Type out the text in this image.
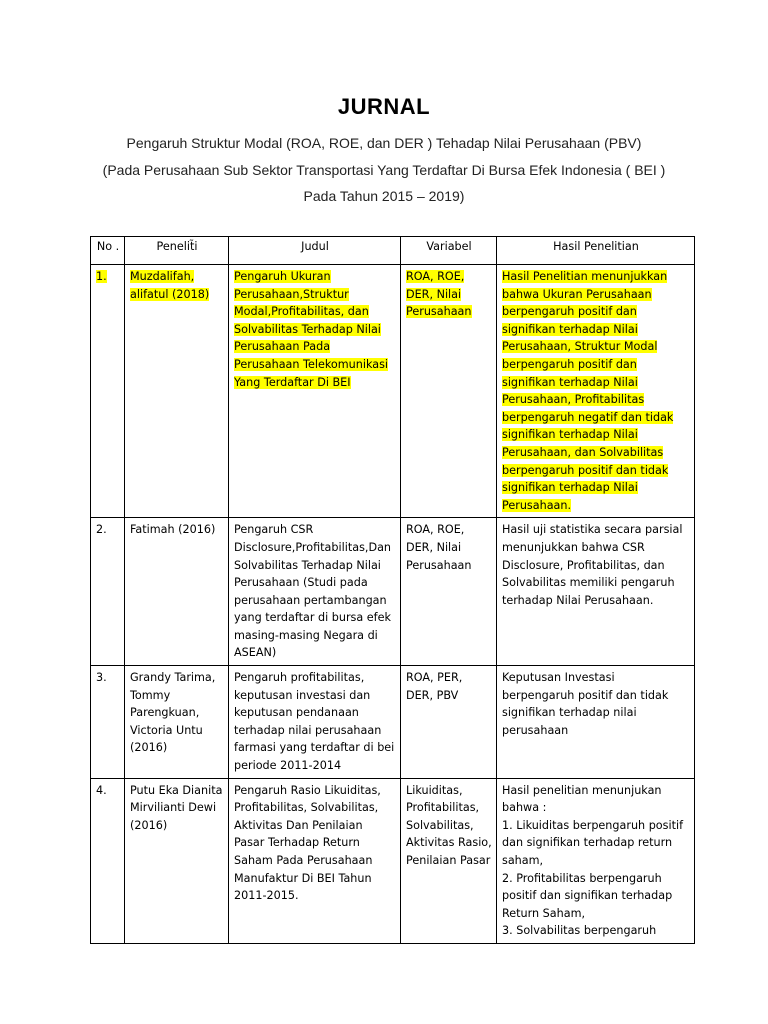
JURNAL
Pengaruh Struktur Modal (ROA, ROE, dan DER ) Tehadap Nilai Perusahaan (PBV)
(Pada Perusahaan Sub Sektor Transportasi Yang Terdaftar Di Bursa Efek Indonesia ( BEI )
Pada Tahun 2015 – 2019)
No .	Penelit̃i	Judul	Variabel	Hasil Penelitian
1.	Muzdalifah, alifatul (2018)	Pengaruh Ukuran Perusahaan,Struktur Modal,Profitabilitas, dan Solvabilitas Terhadap Nilai Perusahaan Pada Perusahaan Telekomunikasi Yang Terdaftar Di BEI	ROA, ROE, DER, Nilai Perusahaan	Hasil Penelitian menunjukkan bahwa Ukuran Perusahaan berpengaruh positif dan signifikan terhadap Nilai Perusahaan, Struktur Modal berpengaruh positif dan signifikan terhadap Nilai Perusahaan, Profitabilitas berpengaruh negatif dan tidak signifikan terhadap Nilai Perusahaan, dan Solvabilitas berpengaruh positif dan tidak signifikan terhadap Nilai Perusahaan.
2.	Fatimah (2016)	Pengaruh CSR Disclosure,Profitabilitas,Dan Solvabilitas Terhadap Nilai Perusahaan (Studi pada perusahaan pertambangan yang terdaftar di bursa efek masing-masing Negara di ASEAN)	ROA, ROE, DER, Nilai Perusahaan	Hasil uji statistika secara parsial menunjukkan bahwa CSR Disclosure, Profitabilitas, dan Solvabilitas memiliki pengaruh terhadap Nilai Perusahaan.
3.	Grandy Tarima, Tommy Parengkuan, Victoria Untu (2016)	Pengaruh profitabilitas, keputusan investasi dan keputusan pendanaan terhadap nilai perusahaan farmasi yang terdaftar di bei periode 2011-2014	ROA, PER, DER, PBV	Keputusan Investasi berpengaruh positif dan tidak signifikan terhadap nilai perusahaan
4.	Putu Eka Dianita Mirvilianti Dewi (2016)	Pengaruh Rasio Likuiditas, Profitabilitas, Solvabilitas, Aktivitas Dan Penilaian Pasar Terhadap Return Saham Pada Perusahaan Manufaktur Di BEI Tahun 2011-2015.	Likuiditas, Profitabilitas, Solvabilitas, Aktivitas Rasio, Penilaian Pasar	Hasil penelitian menunjukan bahwa :
1. Likuiditas berpengaruh positif dan signifikan terhadap return saham,
2. Profitabilitas berpengaruh positif dan signifikan terhadap Return Saham,
3. Solvabilitas berpengaruh
